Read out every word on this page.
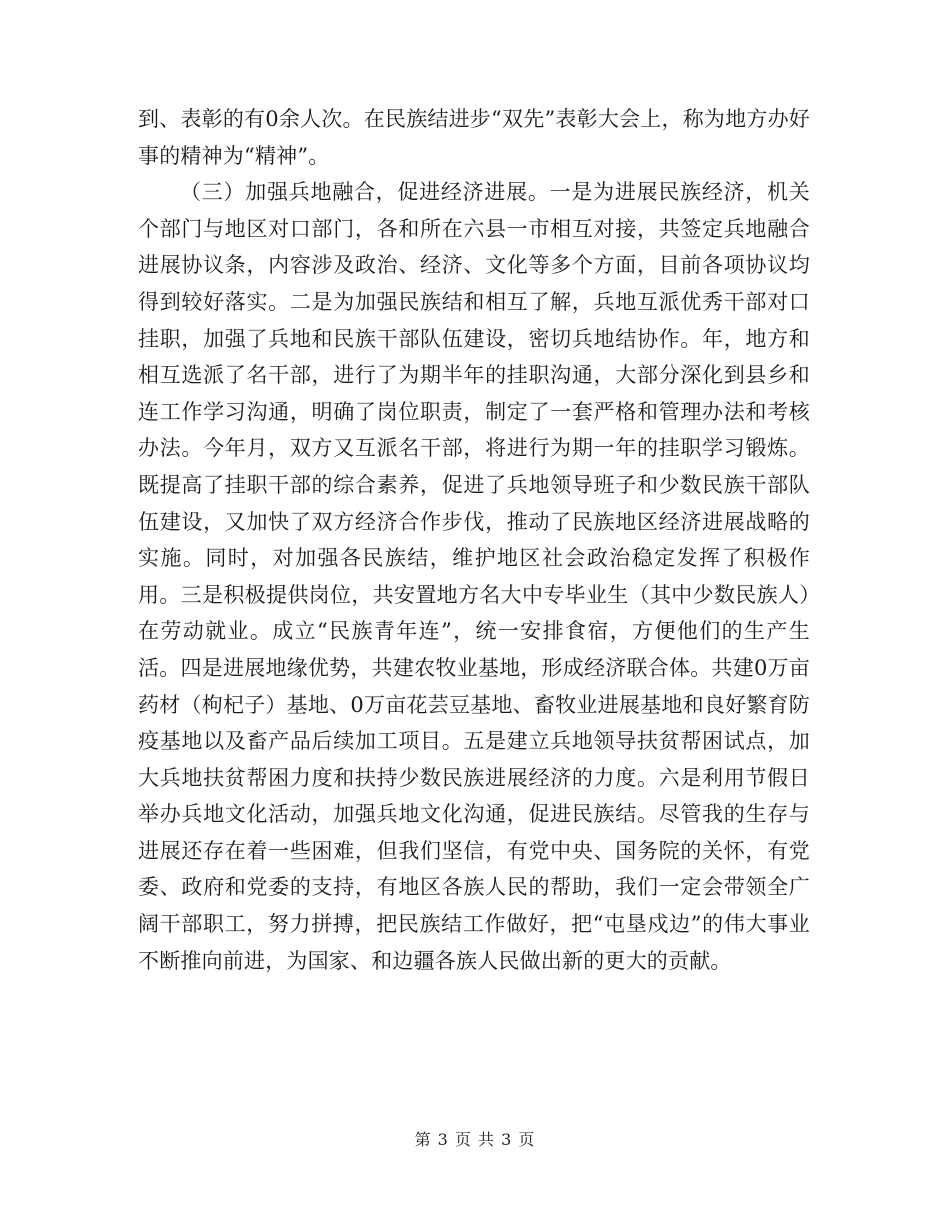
到、表彰的有0余人次。在民族结进步“双先”表彰大会上，称为地方办好事的精神为“精神”。

（三）加强兵地融合，促进经济进展。一是为进展民族经济，机关个部门与地区对口部门，各和所在六县一市相互对接，共签定兵地融合进展协议条，内容涉及政治、经济、文化等多个方面，目前各项协议均得到较好落实。二是为加强民族结和相互了解，兵地互派优秀干部对口挂职，加强了兵地和民族干部队伍建设，密切兵地结协作。年，地方和相互选派了名干部，进行了为期半年的挂职沟通，大部分深化到县乡和连工作学习沟通，明确了岗位职责，制定了一套严格和管理办法和考核办法。今年月，双方又互派名干部，将进行为期一年的挂职学习锻炼。既提高了挂职干部的综合素养，促进了兵地领导班子和少数民族干部队伍建设，又加快了双方经济合作步伐，推动了民族地区经济进展战略的实施。同时，对加强各民族结，维护地区社会政治稳定发挥了积极作用。三是积极提供岗位，共安置地方名大中专毕业生（其中少数民族人）在劳动就业。成立“民族青年连”，统一安排食宿，方便他们的生产生活。四是进展地缘优势，共建农牧业基地，形成经济联合体。共建0万亩药材（枸杞子）基地、0万亩花芸豆基地、畜牧业进展基地和良好繁育防疫基地以及畜产品后续加工项目。五是建立兵地领导扶贫帮困试点，加大兵地扶贫帮困力度和扶持少数民族进展经济的力度。六是利用节假日举办兵地文化活动，加强兵地文化沟通，促进民族结。尽管我的生存与进展还存在着一些困难，但我们坚信，有党中央、国务院的关怀，有党委、政府和党委的支持，有地区各族人民的帮助，我们一定会带领全广阔干部职工，努力拼搏，把民族结工作做好，把“屯垦戍边”的伟大事业不断推向前进，为国家、和边疆各族人民做出新的更大的贡献。

第 3 页 共 3 页
